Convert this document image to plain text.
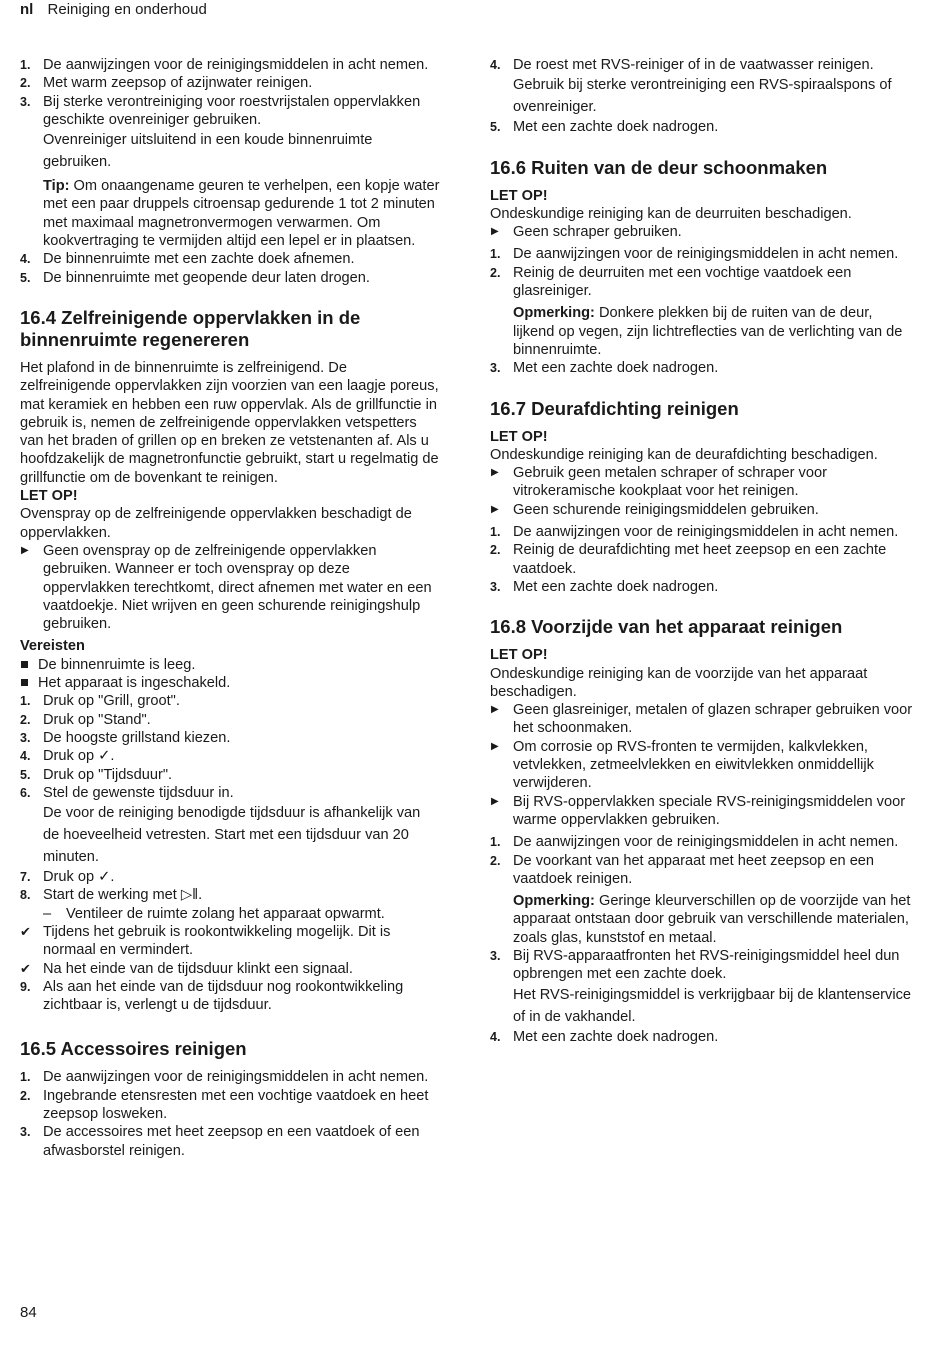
nl Reiniging en onderhoud
1. De aanwijzingen voor de reinigingsmiddelen in acht nemen.
2. Met warm zeepsop of azijnwater reinigen.
3. Bij sterke verontreiniging voor roestvrijstalen oppervlakken geschikte ovenreiniger gebruiken.
Ovenreiniger uitsluitend in een koude binnenruimte gebruiken.
Tip: Om onaangename geuren te verhelpen, een kopje water met een paar druppels citroensap gedurende 1 tot 2 minuten met maximaal magnetronvermogen verwarmen. Om kookvertraging te vermijden altijd een lepel er in plaatsen.
4. De binnenruimte met een zachte doek afnemen.
5. De binnenruimte met geopende deur laten drogen.
16.4 Zelfreinigende oppervlakken in de binnenruimte regenereren
Het plafond in de binnenruimte is zelfreinigend. De zelfreinigende oppervlakken zijn voorzien van een laagje poreus, mat keramiek en hebben een ruw oppervlak. Als de grillfunctie in gebruik is, nemen de zelfreinigende oppervlakken vetspetters van het braden of grillen op en breken ze vetstenanten af. Als u hoofdzakelijk de magnetronfunctie gebruikt, start u regelmatig de grillfunctie om de bovenkant te reinigen.
LET OP!
Ovenspray op de zelfreinigende oppervlakken beschadigt de oppervlakken.
▶ Geen ovenspray op de zelfreinigende oppervlakken gebruiken. Wanneer er toch ovenspray op deze oppervlakken terechtkomt, direct afnemen met water en een vaatdoekje. Niet wrijven en geen schurende reinigingshulp gebruiken.
Vereisten
De binnenruimte is leeg.
Het apparaat is ingeschakeld.
1. Druk op "Grill, groot".
2. Druk op "Stand".
3. De hoogste grillstand kiezen.
4. Druk op ✓.
5. Druk op "Tijdsduur".
6. Stel de gewenste tijdsduur in.
De voor de reiniging benodigde tijdsduur is afhankelijk van de hoeveelheid vetresten. Start met een tijdsduur van 20 minuten.
7. Druk op ✓.
8. Start de werking met ▷‖.
– Ventileer de ruimte zolang het apparaat opwarmt.
✔ Tijdens het gebruik is rookontwikkeling mogelijk. Dit is normaal en vermindert.
✔ Na het einde van de tijdsduur klinkt een signaal.
9. Als aan het einde van de tijdsduur nog rookontwikkeling zichtbaar is, verlengt u de tijdsduur.
16.5 Accessoires reinigen
1. De aanwijzingen voor de reinigingsmiddelen in acht nemen.
2. Ingebrande etensresten met een vochtige vaatdoek en heet zeepsop losweken.
3. De accessoires met heet zeepsop en een vaatdoek of een afwasborstel reinigen.
4. De roest met RVS-reiniger of in de vaatwasser reinigen.
Gebruik bij sterke verontreiniging een RVS-spiraalspons of ovenreiniger.
5. Met een zachte doek nadrogen.
16.6 Ruiten van de deur schoonmaken
LET OP!
Ondeskundige reiniging kan de deurruiten beschadigen.
▶ Geen schraper gebruiken.
1. De aanwijzingen voor de reinigingsmiddelen in acht nemen.
2. Reinig de deurruiten met een vochtige vaatdoek een glasreiniger.
Opmerking: Donkere plekken bij de ruiten van de deur, lijkend op vegen, zijn lichtreflecties van de verlichting van de binnenruimte.
3. Met een zachte doek nadrogen.
16.7 Deurafdichting reinigen
LET OP!
Ondeskundige reiniging kan de deurafdichting beschadigen.
▶ Gebruik geen metalen schraper of schraper voor vitrokeramische kookplaat voor het reinigen.
▶ Geen schurende reinigingsmiddelen gebruiken.
1. De aanwijzingen voor de reinigingsmiddelen in acht nemen.
2. Reinig de deurafdichting met heet zeepsop en een zachte vaatdoek.
3. Met een zachte doek nadrogen.
16.8 Voorzijde van het apparaat reinigen
LET OP!
Ondeskundige reiniging kan de voorzijde van het apparaat beschadigen.
▶ Geen glasreiniger, metalen of glazen schraper gebruiken voor het schoonmaken.
▶ Om corrosie op RVS-fronten te vermijden, kalkvlekken, vetvlekken, zetmeelvlekken en eiwitvlekken onmiddellijk verwijderen.
▶ Bij RVS-oppervlakken speciale RVS-reinigingsmiddelen voor warme oppervlakken gebruiken.
1. De aanwijzingen voor de reinigingsmiddelen in acht nemen.
2. De voorkant van het apparaat met heet zeepsop en een vaatdoek reinigen.
Opmerking: Geringe kleurverschillen op de voorzijde van het apparaat ontstaan door gebruik van verschillende materialen, zoals glas, kunststof en metaal.
3. Bij RVS-apparaatfronten het RVS-reinigingsmiddel heel dun opbrengen met een zachte doek.
Het RVS-reinigingsmiddel is verkrijgbaar bij de klantenservice of in de vakhandel.
4. Met een zachte doek nadrogen.
84
